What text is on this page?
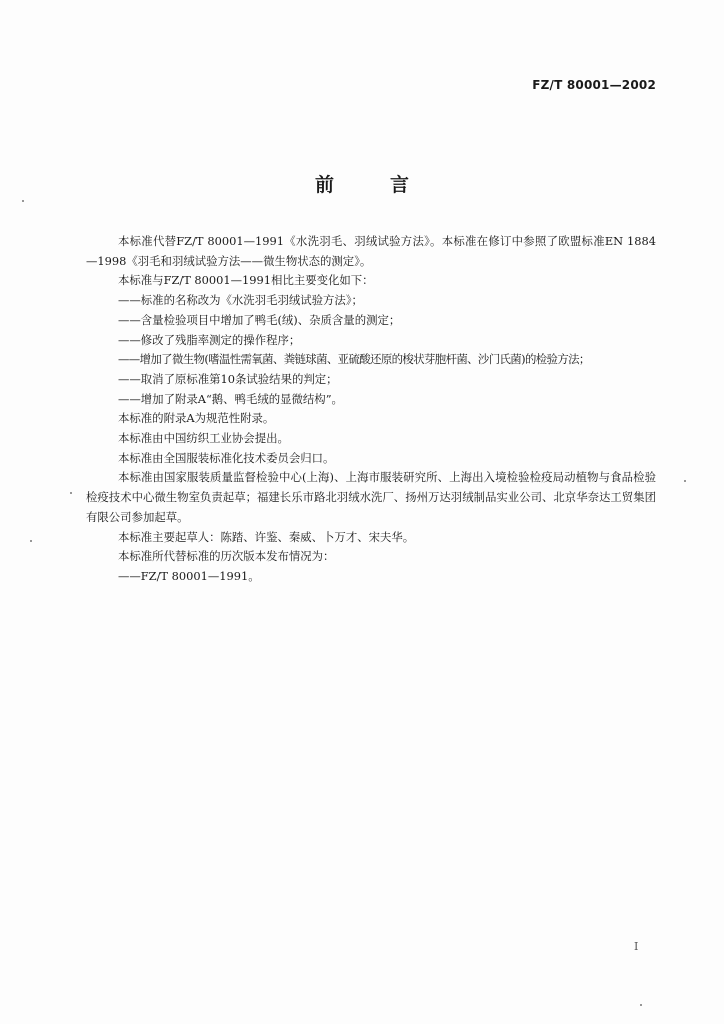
FZ/T 80001—2002
前言

本标准代替FZ/T 80001—1991《水洗羽毛、羽绒试验方法》。本标准在修订中参照了欧盟标准EN 1884—1998《羽毛和羽绒试验方法——微生物状态的测定》。

本标准与FZ/T 80001—1991相比主要变化如下：

——标准的名称改为《水洗羽毛羽绒试验方法》；

——含量检验项目中增加了鸭毛(绒)、杂质含量的测定；

——修改了残脂率测定的操作程序；

——增加了微生物(嗜温性需氧菌、粪链球菌、亚硫酸还原的梭状芽胞杆菌、沙门氏菌)的检验方法；

——取消了原标准第10条试验结果的判定；

——增加了附录A“鹅、鸭毛绒的显微结构”。

本标准的附录A为规范性附录。

本标准由中国纺织工业协会提出。

本标准由全国服装标准化技术委员会归口。

本标准由国家服装质量监督检验中心(上海)、上海市服装研究所、上海出入境检验检疫局动植物与食品检验检疫技术中心微生物室负责起草；福建长乐市路北羽绒水洗厂、扬州万达羽绒制品实业公司、北京华奈达工贸集团有限公司参加起草。

本标准主要起草人：陈踏、许鉴、秦威、卜万才、宋夫华。

本标准所代替标准的历次版本发布情况为：

——FZ/T 80001—1991。

I
